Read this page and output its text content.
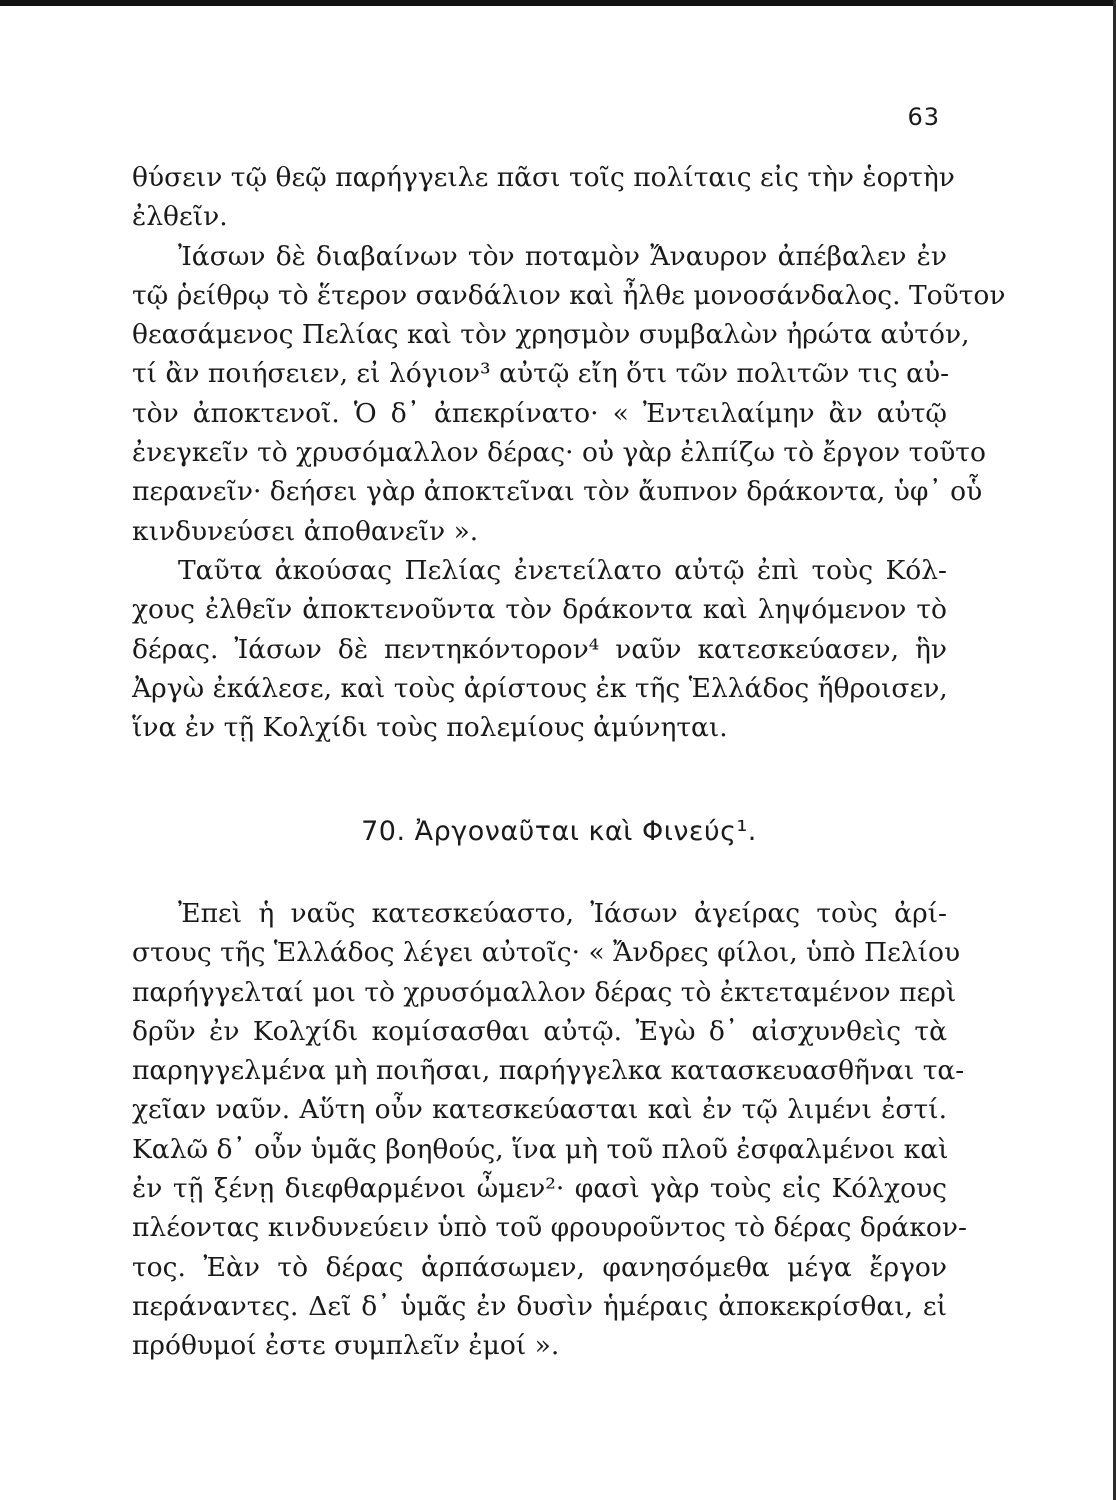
63
θύσειν τῷ θεῷ παρήγγειλε πᾶσι τοῖς πολίταις εἰς τὴν ἑορτὴν
ἐλθεῖν.
Ἰάσων δὲ διαβαίνων τὸν ποταμὸν Ἄναυρον ἀπέβαλεν ἐν
τῷ ῥείθρῳ τὸ ἕτερον σανδάλιον καὶ ἦλθε μονοσάνδαλος. Τοῦτον
θεασάμενος Πελίας καὶ τὸν χρησμὸν συμβαλὼν ἠρώτα αὐτόν,
τί ἂν ποιήσειεν, εἰ λόγιον³ αὐτῷ εἴη ὅτι τῶν πολιτῶν τις αὐ-
τὸν ἀποκτενοῖ. Ὁ δ᾿ ἀπεκρίνατο· « Ἐντειλαίμην ἂν αὐτῷ
ἐνεγκεῖν τὸ χρυσόμαλλον δέρας· οὐ γὰρ ἐλπίζω τὸ ἔργον τοῦτο
περανεῖν· δεήσει γὰρ ἀποκτεῖναι τὸν ἄυπνον δράκοντα, ὑφ᾿ οὗ
κινδυνεύσει ἀποθανεῖν ».
Ταῦτα ἀκούσας Πελίας ἐνετείλατο αὐτῷ ἐπὶ τοὺς Κόλ-
χους ἐλθεῖν ἀποκτενοῦντα τὸν δράκοντα καὶ ληψόμενον τὸ
δέρας. Ἰάσων δὲ πεντηκόντορον⁴ ναῦν κατεσκεύασεν, ἣν
Ἀργὼ ἐκάλεσε, καὶ τοὺς ἀρίστους ἐκ τῆς Ἑλλάδος ἤθροισεν,
ἵνα ἐν τῇ Κολχίδι τοὺς πολεμίους ἀμύνηται.
70. Ἀργοναῦται καὶ Φινεύς¹.
Ἐπεὶ ἡ ναῦς κατεσκεύαστο, Ἰάσων ἀγείρας τοὺς ἀρί-
στους τῆς Ἑλλάδος λέγει αὐτοῖς· « Ἄνδρες φίλοι, ὑπὸ Πελίου
παρήγγελταί μοι τὸ χρυσόμαλλον δέρας τὸ ἐκτεταμένον περὶ
δρῦν ἐν Κολχίδι κομίσασθαι αὐτῷ. Ἐγὼ δ᾿ αἰσχυνθεὶς τὰ
παρηγγελμένα μὴ ποιῆσαι, παρήγγελκα κατασκευασθῆναι τα-
χεῖαν ναῦν. Αὕτη οὖν κατεσκεύασται καὶ ἐν τῷ λιμένι ἐστί.
Καλῶ δ᾿ οὖν ὑμᾶς βοηθούς, ἵνα μὴ τοῦ πλοῦ ἐσφαλμένοι καὶ
ἐν τῇ ξένῃ διεφθαρμένοι ὦμεν²· φασὶ γὰρ τοὺς εἰς Κόλχους
πλέοντας κινδυνεύειν ὑπὸ τοῦ φρουροῦντος τὸ δέρας δράκον-
τος. Ἐὰν τὸ δέρας ἁρπάσωμεν, φανησόμεθα μέγα ἔργον
περάναντες. Δεῖ δ᾿ ὑμᾶς ἐν δυσὶν ἡμέραις ἀποκεκρίσθαι, εἰ
πρόθυμοί ἐστε συμπλεῖν ἐμοί ».
